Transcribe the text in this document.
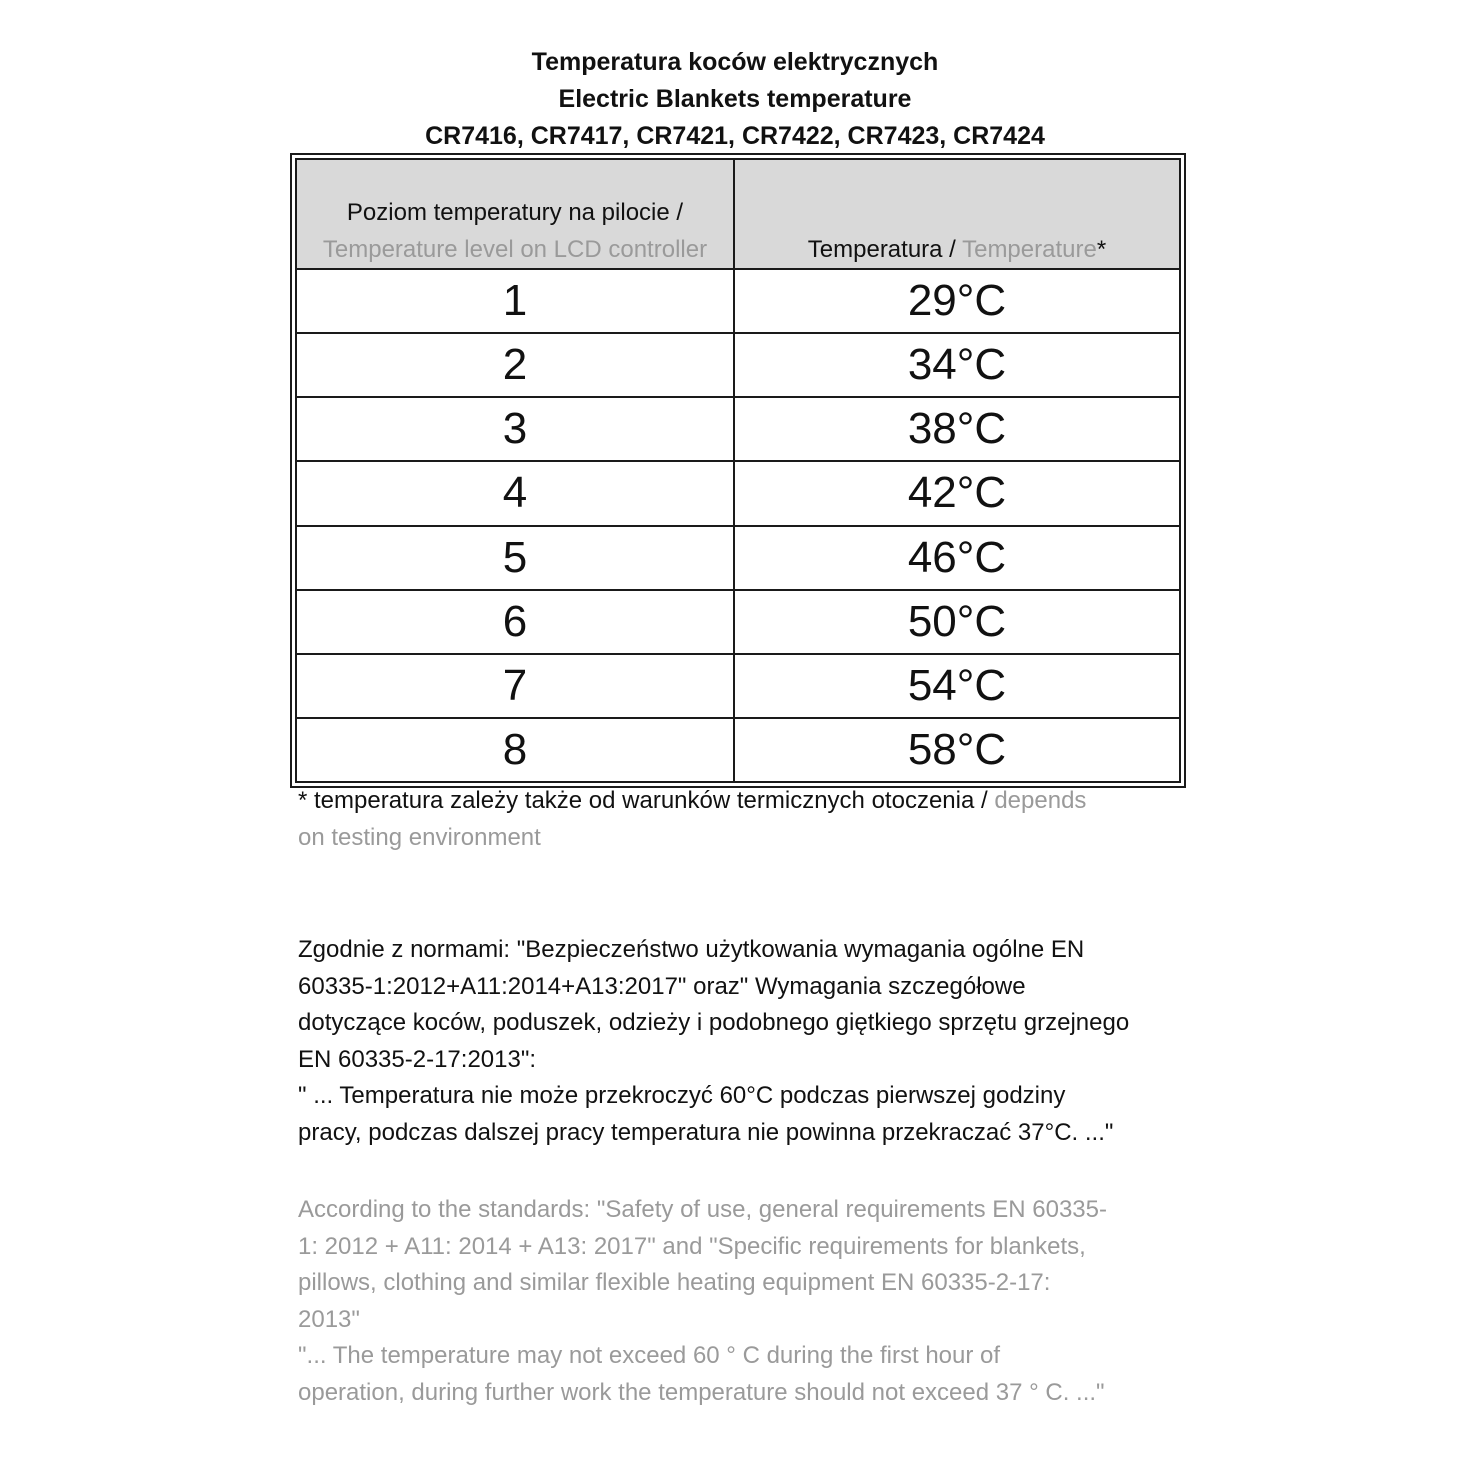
Temperatura koców elektrycznych
Electric Blankets temperature
CR7416, CR7417, CR7421, CR7422, CR7423, CR7424
Poziom temperatury na pilocie /
Temperature level on LCD controller	Temperatura / Temperature*
1	29°C
2	34°C
3	38°C
4	42°C
5	46°C
6	50°C
7	54°C
8	58°C
* temperatura zależy także od warunków termicznych otoczenia / depends
on testing environment
Zgodnie z normami: "Bezpieczeństwo użytkowania wymagania ogólne EN
60335-1:2012+A11:2014+A13:2017" oraz" Wymagania szczegółowe
dotyczące koców, poduszek, odzieży i podobnego giętkiego sprzętu grzejnego
EN 60335-2-17:2013":
" ... Temperatura nie może przekroczyć 60°C podczas pierwszej godziny
pracy, podczas dalszej pracy temperatura nie powinna przekraczać 37°C. ..."
According to the standards: "Safety of use, general requirements EN 60335-
1: 2012 + A11: 2014 + A13: 2017" and "Specific requirements for blankets,
pillows, clothing and similar flexible heating equipment EN 60335-2-17:
2013"
"... The temperature may not exceed 60 ° C during the first hour of
operation, during further work the temperature should not exceed 37 ° C. ..."
